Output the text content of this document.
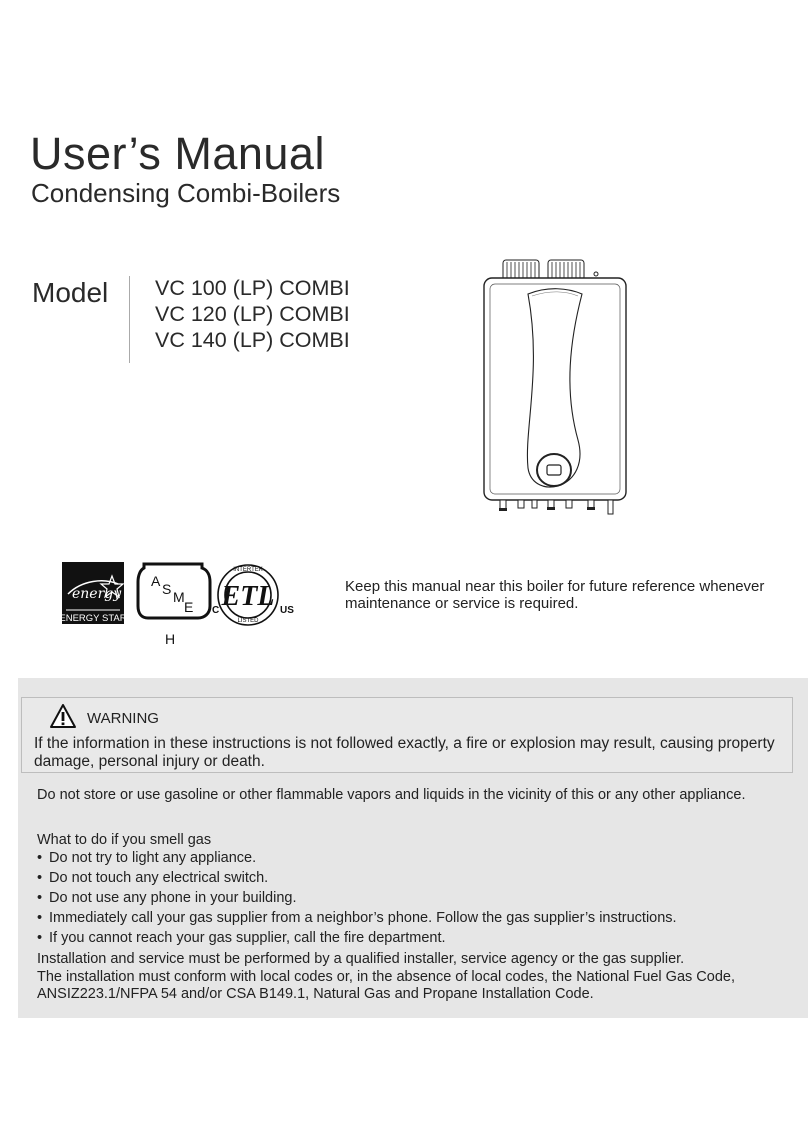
User’s Manual
Condensing Combi-Boilers
Model VC 100 (LP) COMBI
VC 120 (LP) COMBI
VC 140 (LP) COMBI
energy
ENERGY STAR
A S M
E
H
INTERTEK
LISTED
ETL
C	US

Keep this manual near this boiler for future reference whenever maintenance or service is required.

WARNING

If the information in these instructions is not followed exactly, a fire or explosion may result, causing property damage, personal injury or death.

Do not store or use gasoline or other flammable vapors and liquids in the vicinity of this or any other appliance.

What to do if you smell gas

• Do not try to light any appliance.
• Do not touch any electrical switch.
• Do not use any phone in your building.
• Immediately call your gas supplier from a neighbor’s phone. Follow the gas supplier’s instructions.
• If you cannot reach your gas supplier, call the fire department.

Installation and service must be performed by a qualified installer, service agency or the gas supplier.

The installation must conform with local codes or, in the absence of local codes, the National Fuel Gas Code, ANSIZ223.1/NFPA 54 and/or CSA B149.1, Natural Gas and Propane Installation Code.
